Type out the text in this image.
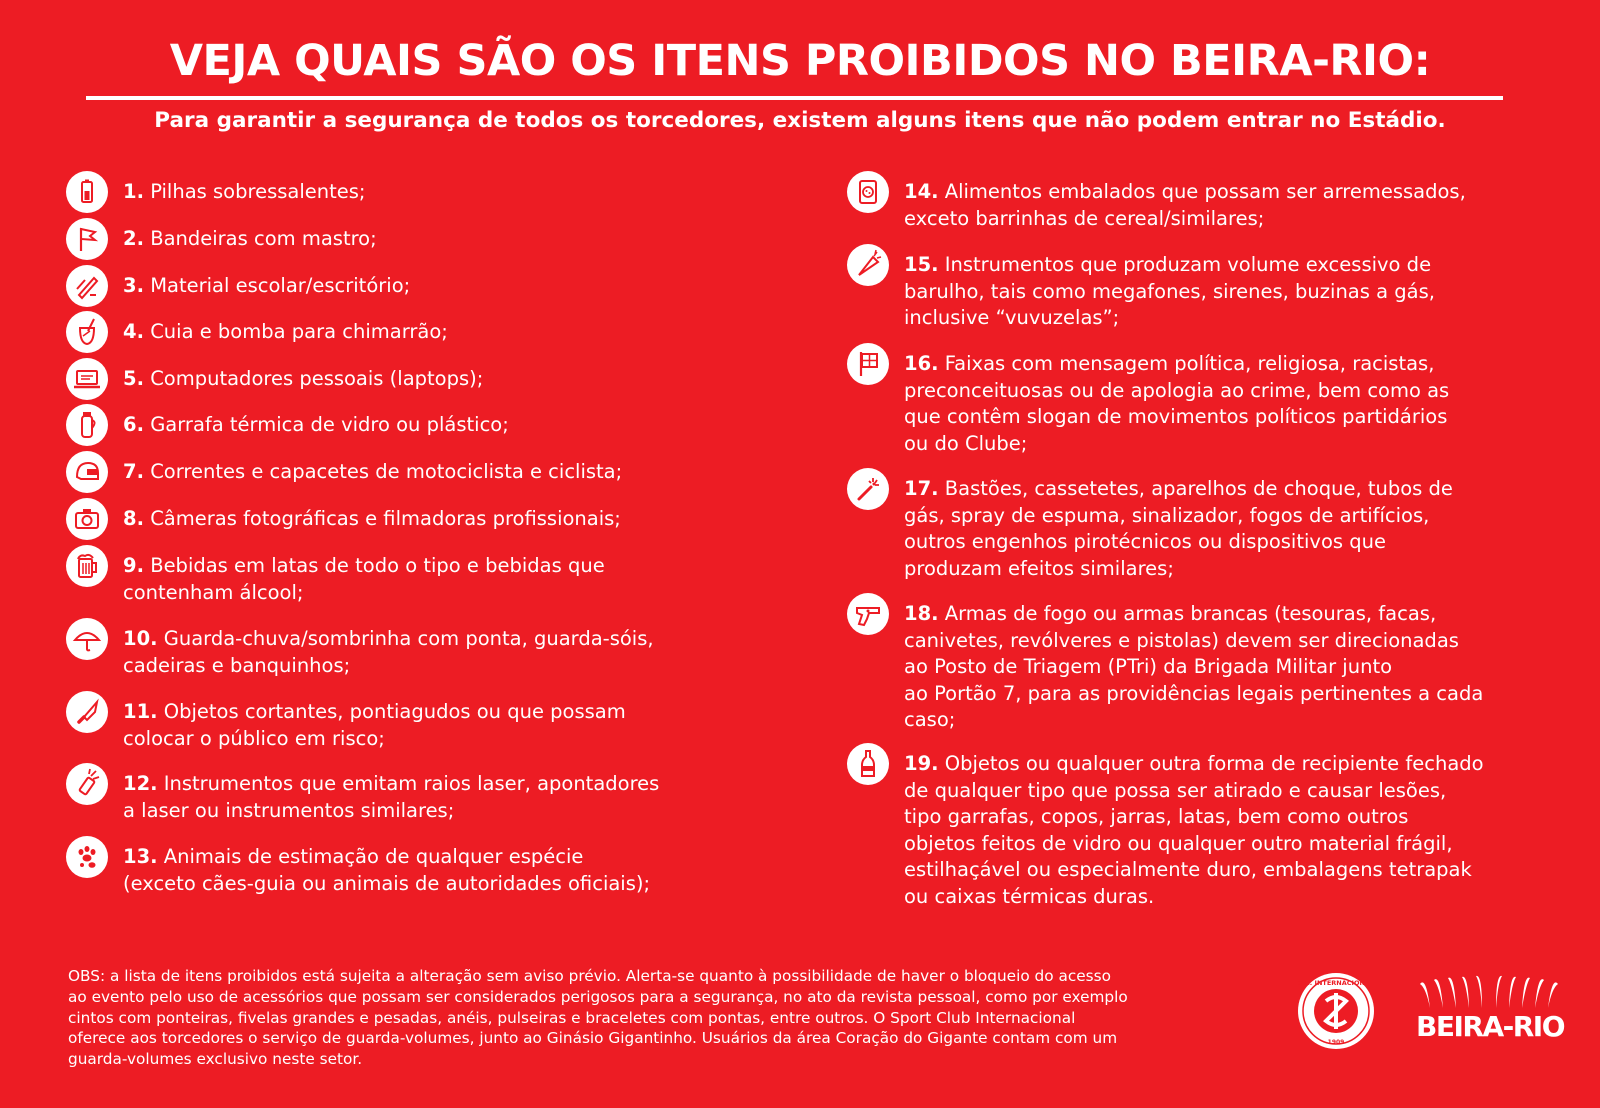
VEJA QUAIS SÃO OS ITENS PROIBIDOS NO BEIRA-RIO:
Para garantir a segurança de todos os torcedores, existem alguns itens que não podem entrar no Estádio.
1. Pilhas sobressalentes;
2. Bandeiras com mastro;
3. Material escolar/escritório;
4. Cuia e bomba para chimarrão;
5. Computadores pessoais (laptops);
6. Garrafa térmica de vidro ou plástico;
7. Correntes e capacetes de motociclista e ciclista;
8. Câmeras fotográficas e filmadoras profissionais;
9. Bebidas em latas de todo o tipo e bebidas que
contenham álcool;
10. Guarda-chuva/sombrinha com ponta, guarda-sóis,
cadeiras e banquinhos;
11. Objetos cortantes, pontiagudos ou que possam
colocar o público em risco;
12. Instrumentos que emitam raios laser, apontadores
a laser ou instrumentos similares;
13. Animais de estimação de qualquer espécie
(exceto cães-guia ou animais de autoridades oficiais);
14. Alimentos embalados que possam ser arremessados,
exceto barrinhas de cereal/similares;
15. Instrumentos que produzam volume excessivo de
barulho, tais como megafones, sirenes, buzinas a gás,
inclusive “vuvuzelas”;
16. Faixas com mensagem política, religiosa, racistas,
preconceituosas ou de apologia ao crime, bem como as
que contêm slogan de movimentos políticos partidários
ou do Clube;
17. Bastões, cassetetes, aparelhos de choque, tubos de
gás, spray de espuma, sinalizador, fogos de artifícios,
outros engenhos pirotécnicos ou dispositivos que
produzam efeitos similares;
18. Armas de fogo ou armas brancas (tesouras, facas,
canivetes, revólveres e pistolas) devem ser direcionadas
ao Posto de Triagem (PTri) da Brigada Militar junto
ao Portão 7, para as providências legais pertinentes a cada
caso;
19. Objetos ou qualquer outra forma de recipiente fechado
de qualquer tipo que possa ser atirado e causar lesões,
tipo garrafas, copos, jarras, latas, bem como outros
objetos feitos de vidro ou qualquer outro material frágil,
estilhaçável ou especialmente duro, embalagens tetrapak
ou caixas térmicas duras.
OBS: a lista de itens proibidos está sujeita a alteração sem aviso prévio. Alerta-se quanto à possibilidade de haver o bloqueio do acesso
ao evento pelo uso de acessórios que possam ser considerados perigosos para a segurança, no ato da revista pessoal, como por exemplo
cintos com ponteiras, fivelas grandes e pesadas, anéis, pulseiras e braceletes com pontas, entre outros. O Sport Club Internacional
oferece aos torcedores o serviço de guarda-volumes, junto ao Ginásio Gigantinho. Usuários da área Coração do Gigante contam com um
guarda-volumes exclusivo neste setor.
S.C. INTERNACIONAL
1909	BEIRA-RIO
